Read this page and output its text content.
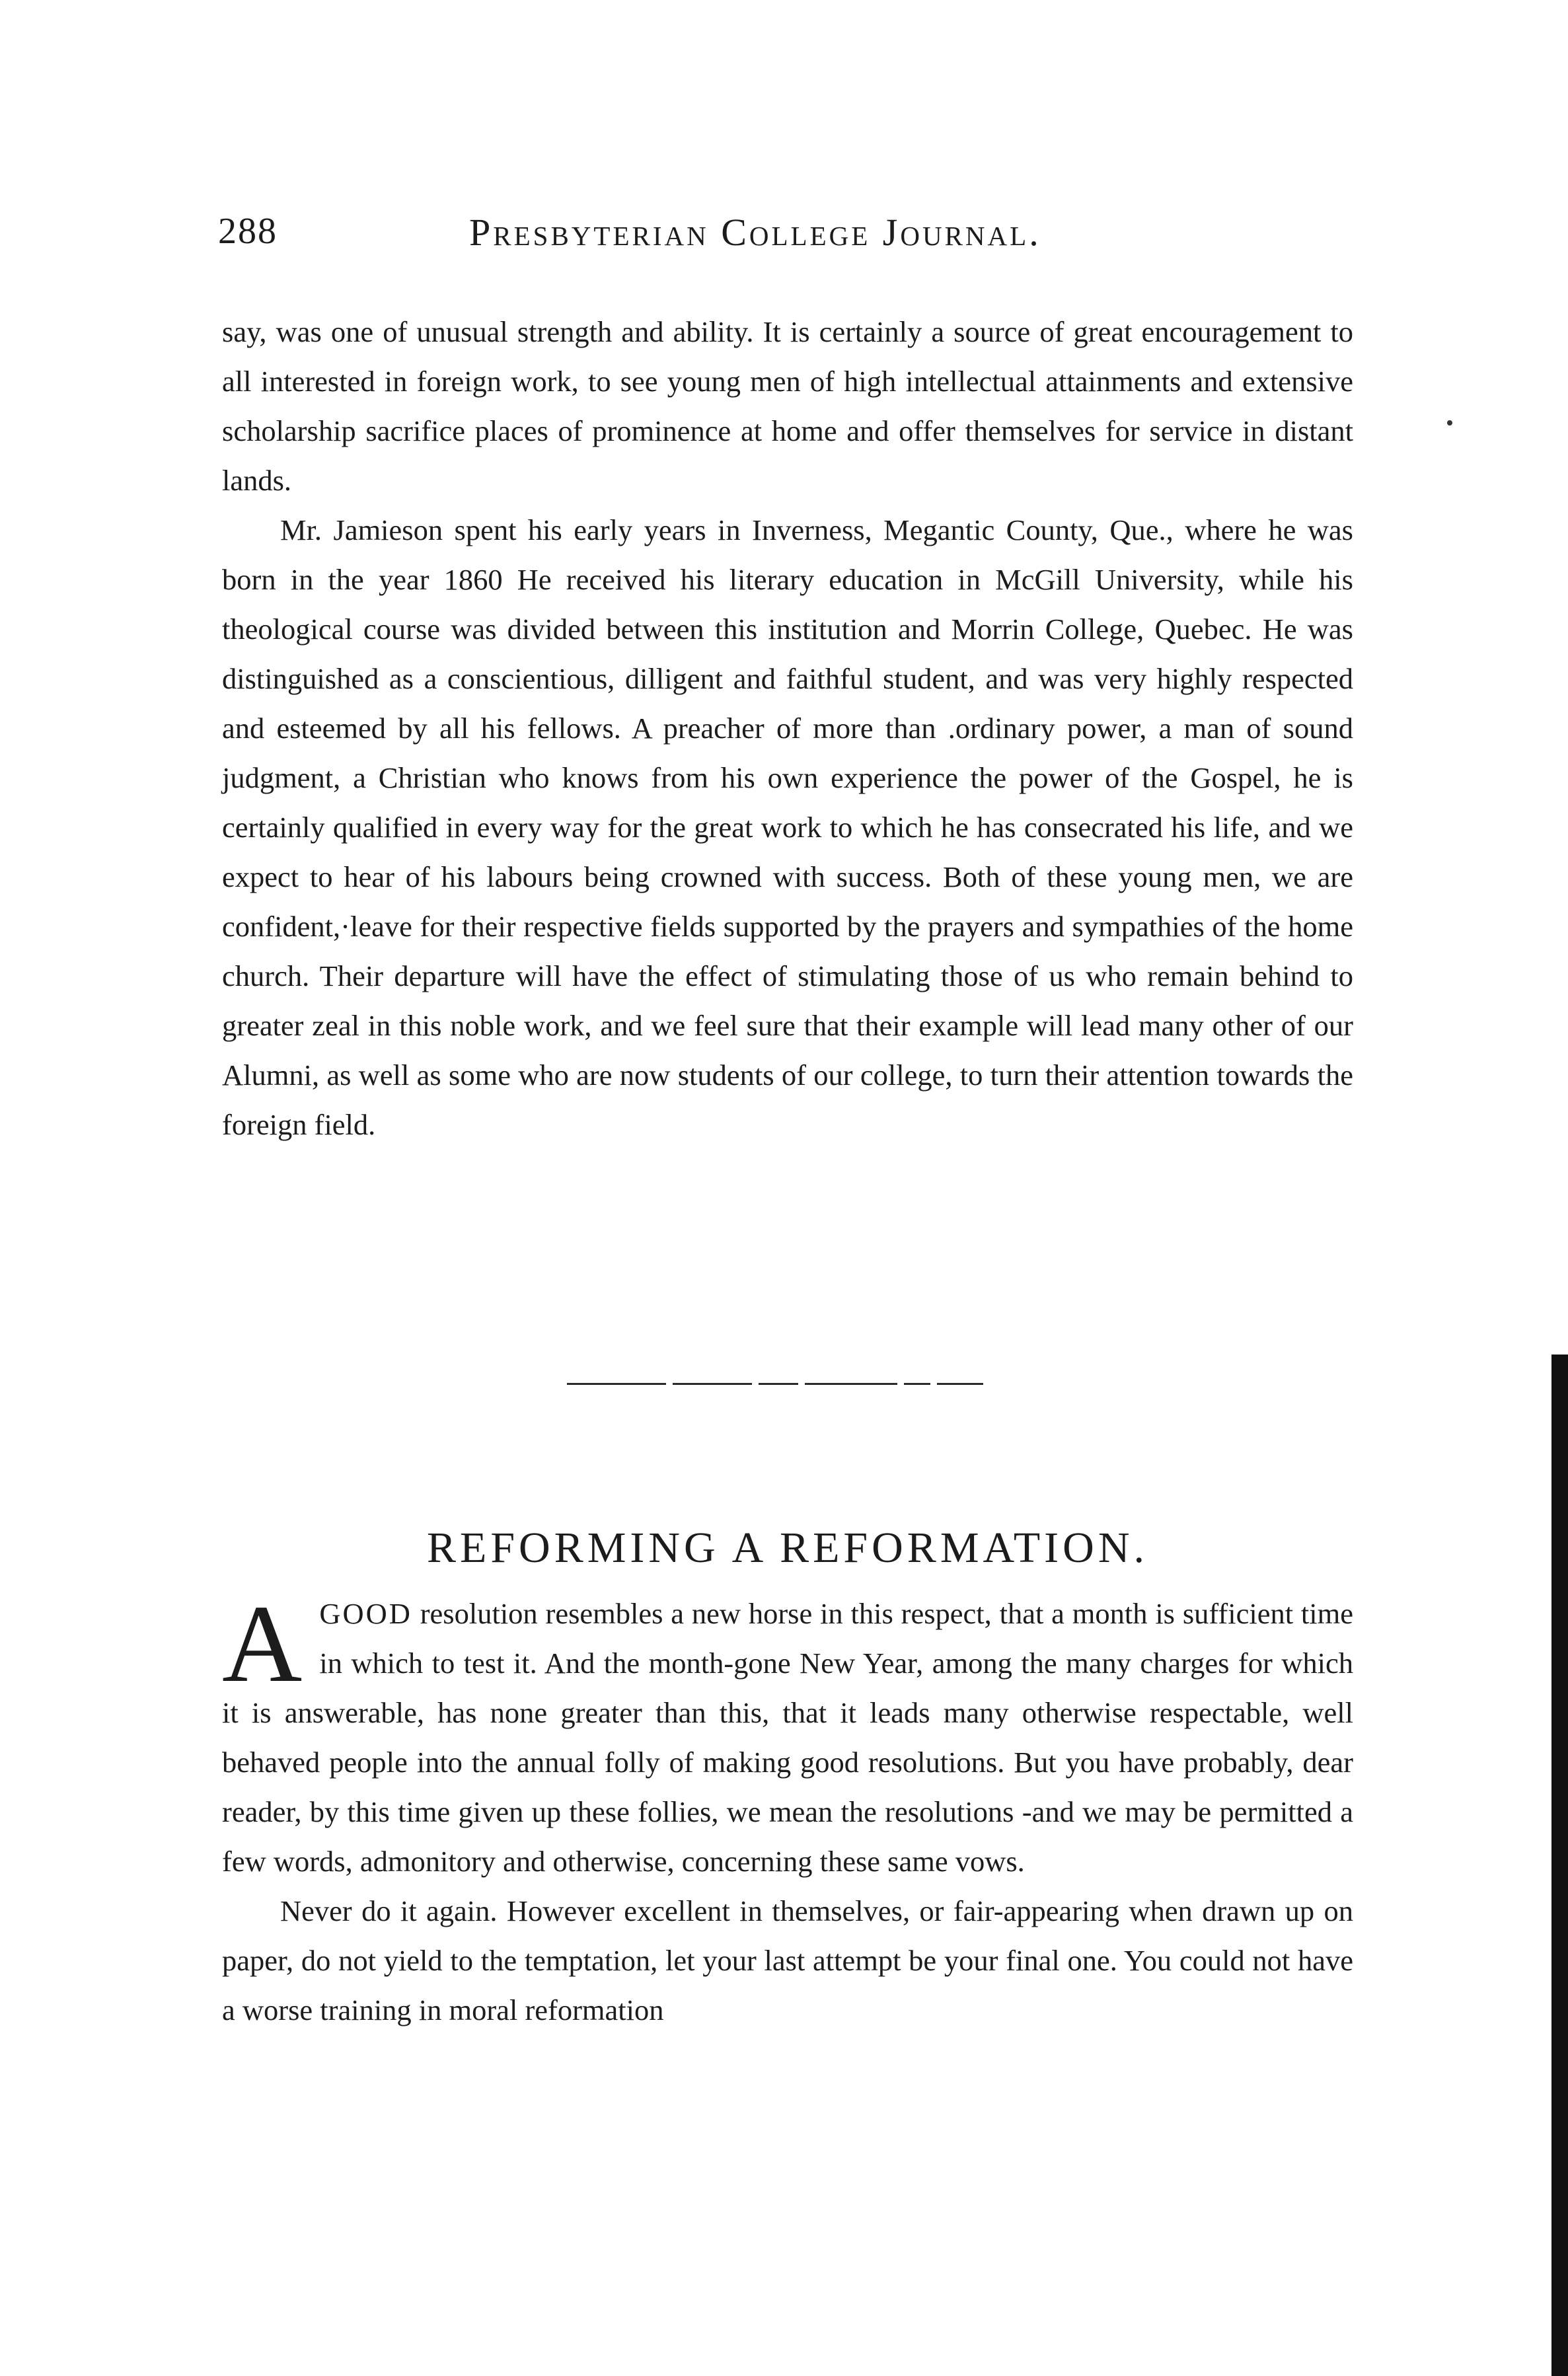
288	Presbyterian College Journal.

say, was one of unusual strength and ability. It is certainly a source of great encouragement to all interested in foreign work, to see young men of high intellectual attainments and extensive scholarship sacrifice places of prominence at home and offer themselves for service in distant lands.

Mr. Jamieson spent his early years in Inverness, Megantic County, Que., where he was born in the year 1860 He received his literary education in McGill University, while his theological course was divided between this institution and Morrin College, Quebec. He was distinguished as a conscientious, dilligent and faithful student, and was very highly respected and esteemed by all his fellows. A preacher of more than .ordinary power, a man of sound judgment, a Christian who knows from his own experience the power of the Gospel, he is certainly qualified in every way for the great work to which he has consecrated his life, and we expect to hear of his labours being crowned with success. Both of these young men, we are confident,·leave for their respective fields supported by the prayers and sympathies of the home church. Their departure will have the effect of stimulating those of us who remain behind to greater zeal in this noble work, and we feel sure that their example will lead many other of our Alumni, as well as some who are now students of our college, to turn their attention towards the foreign field.

REFORMING A REFORMATION.

AGOOD resolution resembles a new horse in this respect, that a month is sufficient time in which to test it. And the month-gone New Year, among the many charges for which it is answerable, has none greater than this, that it leads many otherwise respectable, well behaved people into the annual folly of making good resolutions. But you have probably, dear reader, by this time given up these follies, we mean the resolutions -and we may be permitted a few words, admonitory and otherwise, concerning these same vows.

Never do it again. However excellent in themselves, or fair-appearing when drawn up on paper, do not yield to the temptation, let your last attempt be your final one. You could not have a worse training in moral reformation
